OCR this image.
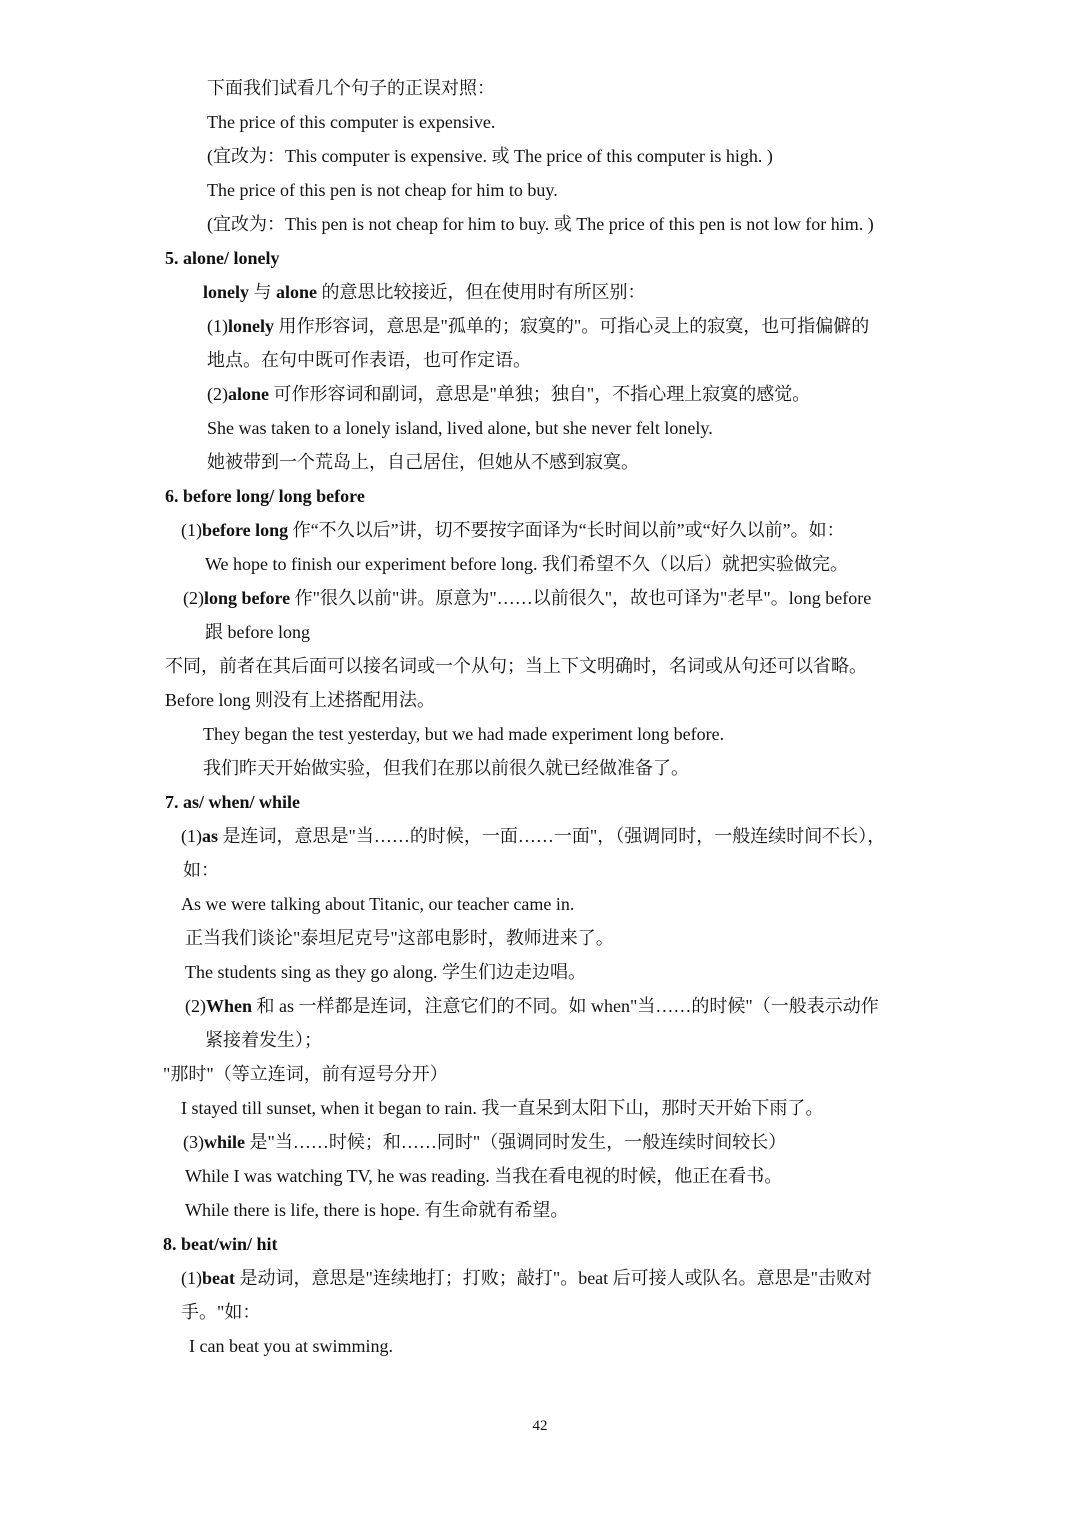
下面我们试看几个句子的正误对照：
The price of this computer is expensive.
(宜改为：This computer is expensive. 或 The price of this computer is high. )
The price of this pen is not cheap for him to buy.
(宜改为：This pen is not cheap for him to buy. 或 The price of this pen is not low for him. )
5. alone/ lonely
lonely 与 alone 的意思比较接近，但在使用时有所区别：
(1)lonely 用作形容词，意思是"孤单的；寂寞的"。可指心灵上的寂寞，也可指偏僻的
地点。在句中既可作表语，也可作定语。
(2)alone 可作形容词和副词，意思是"单独；独自"，不指心理上寂寞的感觉。
She was taken to a lonely island, lived alone, but she never felt lonely.
她被带到一个荒岛上，自己居住，但她从不感到寂寞。
6. before long/ long before
(1)before long 作“不久以后”讲，切不要按字面译为“长时间以前”或“好久以前”。如：
We hope to finish our experiment before long. 我们希望不久（以后）就把实验做完。
(2)long before 作"很久以前"讲。原意为"……以前很久"，故也可译为"老早"。long before
跟 before long
不同，前者在其后面可以接名词或一个从句；当上下文明确时，名词或从句还可以省略。
Before long 则没有上述搭配用法。
They began the test yesterday, but we had made experiment long before.
我们昨天开始做实验，但我们在那以前很久就已经做准备了。
7. as/ when/ while
(1)as 是连词，意思是"当……的时候，一面……一面"，（强调同时，一般连续时间不长），
如：
As we were talking about Titanic, our teacher came in.
正当我们谈论"泰坦尼克号"这部电影时，教师进来了。
The students sing as they go along. 学生们边走边唱。
(2)When 和 as 一样都是连词，注意它们的不同。如 when"当……的时候"（一般表示动作
紧接着发生）；
"那时"（等立连词，前有逗号分开）
I stayed till sunset, when it began to rain. 我一直呆到太阳下山，那时天开始下雨了。
(3)while 是"当……时候；和……同时"（强调同时发生，一般连续时间较长）
While I was watching TV, he was reading. 当我在看电视的时候，他正在看书。
While there is life, there is hope. 有生命就有希望。
8. beat/win/ hit
(1)beat 是动词，意思是"连续地打；打败；敲打"。beat 后可接人或队名。意思是"击败对
手。"如：
I can beat you at swimming.
42
